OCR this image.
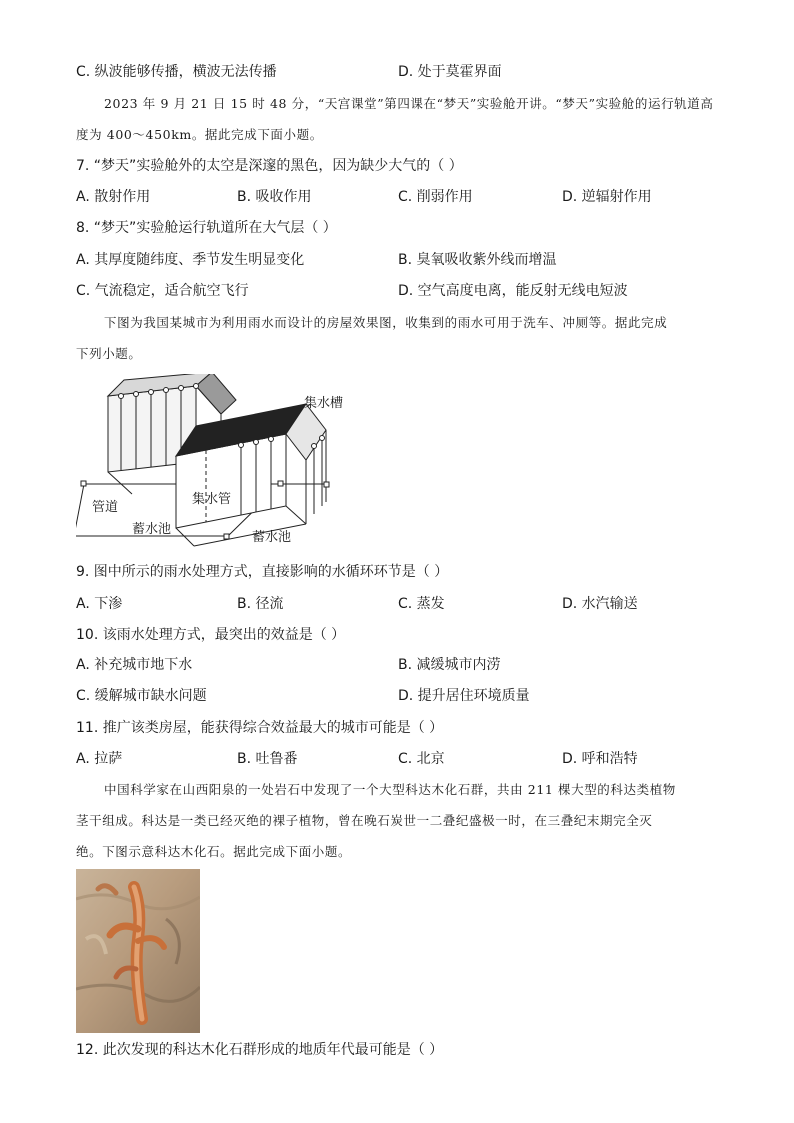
C. 纵波能够传播，横波无法传播	D. 处于莫霍界面
2023 年 9 月 21 日 15 时 48 分，“天宫课堂”第四课在“梦天”实验舱开讲。“梦天”实验舱的运行轨道高
度为 400～450km。据此完成下面小题。
7. “梦天”实验舱外的太空是深邃的黑色，因为缺少大气的（ ）
A. 散射作用	B. 吸收作用	C. 削弱作用	D. 逆辐射作用
8. “梦天”实验舱运行轨道所在大气层（ ）
A. 其厚度随纬度、季节发生明显变化	B. 臭氧吸收紫外线而增温
C. 气流稳定，适合航空飞行	D. 空气高度电离，能反射无线电短波
下图为我国某城市为利用雨水而设计的房屋效果图，收集到的雨水可用于洗车、冲厕等。据此完成
下列小题。
集水槽
集水管
管道
蓄水池
蓄水池
9. 图中所示的雨水处理方式，直接影响的水循环环节是（ ）
A. 下渗	B. 径流	C. 蒸发	D. 水汽输送
10. 该雨水处理方式，最突出的效益是（ ）
A. 补充城市地下水	B. 减缓城市内涝
C. 缓解城市缺水问题	D. 提升居住环境质量
11. 推广该类房屋，能获得综合效益最大的城市可能是（ ）
A. 拉萨	B. 吐鲁番	C. 北京	D. 呼和浩特
中国科学家在山西阳泉的一处岩石中发现了一个大型科达木化石群，共由 211 棵大型的科达类植物
茎干组成。科达是一类已经灭绝的裸子植物，曾在晚石炭世一二叠纪盛极一时，在三叠纪末期完全灭
绝。下图示意科达木化石。据此完成下面小题。
12. 此次发现的科达木化石群形成的地质年代最可能是（ ）
